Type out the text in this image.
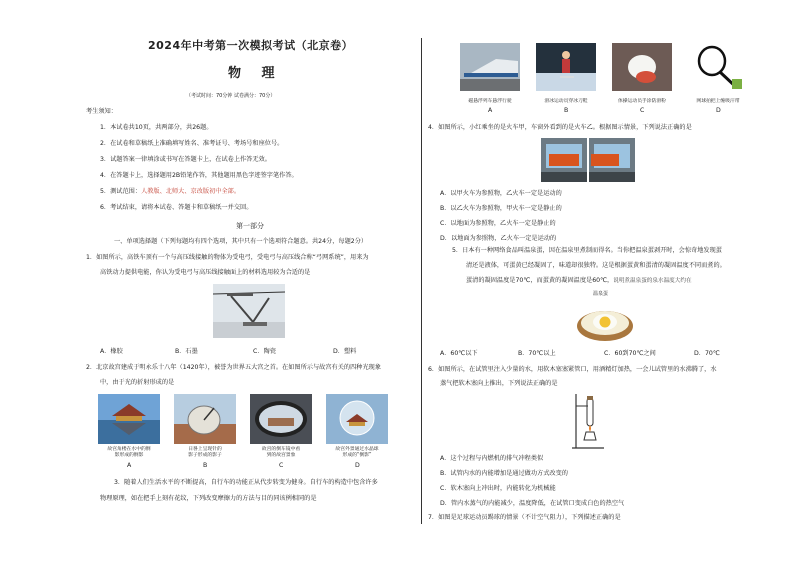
2024年中考第一次模拟考试（北京卷）
物 理
（考试时间：70分钟 试卷满分：70分）
考生须知：
1．本试卷共10页，共两部分，共26题。
2．在试卷和草稿纸上准确填写姓名、准考证号、考场号和座位号。
3．试题答案一律填涂或书写在答题卡上，在试卷上作答无效。
4．在答题卡上，选择题用2B铅笔作答，其他题用黑色字迹签字笔作答。
5．测试范围：人教版、北师大、京改版初中全部。
6．考试结束，请将本试卷、答题卡和草稿纸一并交回。
第一部分
一、单项选择题（下列每题均有四个选项，其中只有一个选项符合题意。共24分，每题2分）
1．如图所示，高铁车顶有一个与高压线接触的物体为受电弓，受电弓与高压线合称“弓网系统”，用来为
高铁动力提供电能，你认为受电弓与高压线接触面上的材料选用较为合适的是
A．橡胶	B．石墨	C．陶瓷	D．塑料
2．北京故宫建成于明永乐十八年（1420年），被誉为世界五大宫之首。在如图所示与故宫有关的四种光现象
中，由于光的折射形成的是
故宫角楼在水中的倒
影形成的倒影
日晷上呈现针的
影子形成的影子
故宫的倒车镜中看
到的故宫景象
故宫外景通过水晶球
形成的“倒影”
A	B	C	D
3．随着人们生活水平的不断提高，自行车的功能正从代步转变为健身。自行车的构造中包含许多
物理原理，如在把手上刻有花纹，下列改变摩擦力的方法与目的同该例相同的是
磁悬浮列车悬浮行驶	滑冰运动员穿冰刀鞋	体操运动员手涂防滑粉	网球拍把上缠吸汗带
A	B	C	D
4．如图所示，小红乘坐的是火车甲，车窗外看到的是火车乙。根据图示情景，下列说法正确的是
A．以甲火车为参照物，乙火车一定是运动的
B．以乙火车为参照物，甲火车一定是静止的
C．以地面为参照物，乙火车一定是静止的
D．以地面为参照物，乙火车一定是运动的
5．日本有一种网络食品叫温泉蛋，因在温泉里煮制而得名。当你把温泉蛋剥开时，会惊奇地发现蛋
清还是液体，可蛋黄已经凝固了，味道却很独特。这是根据蛋黄和蛋清的凝固温度不同而煮的。
蛋清的凝固温度是70℃，而蛋黄的凝固温度是60℃，说明煮温泉蛋的泉水温度大约在
温泉蛋
A．60℃以下	B．70℃以上	C．60到70℃之间	D．70℃
6．如图所示，在试管里注入少量的水，用软木塞塞紧管口，用酒精灯加热，一会儿试管里的水沸腾了，水
蒸气把软木塞向上推出，下列说法正确的是
A．这个过程与内燃机的排气冲程类似
B．试管内水的内能增加是通过做功方式改变的
C．软木塞向上冲出时，内能转化为机械能
D．管内水蒸气的内能减少，温度降低，在试管口变成白色的热空气
7．如图是足球运动员踢球的情景（不计空气阻力），下列描述正确的是
